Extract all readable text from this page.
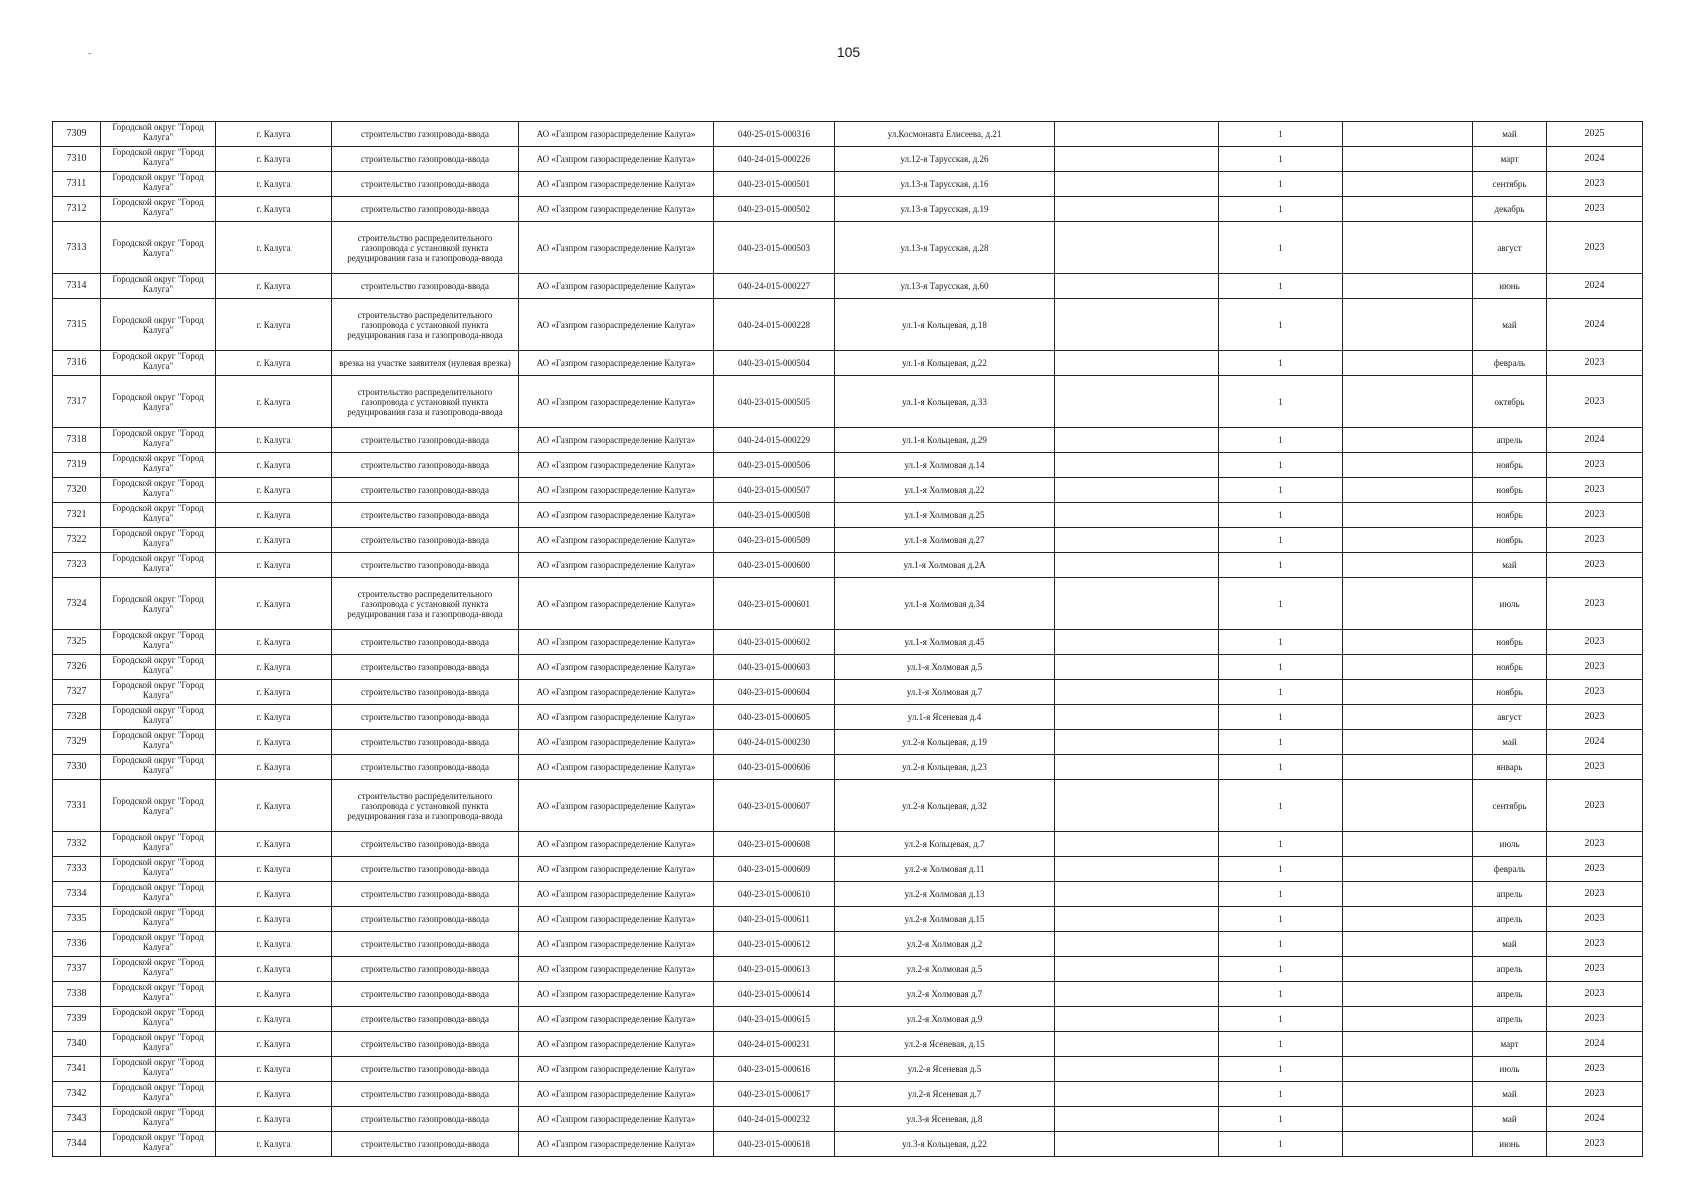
˜	105
7309	Городской округ "Город Калуга"	г. Калуга	строительство газопровода-ввода	АО «Газпром газораспределение Калуга»	040-25-015-000316	ул.Космонавта Елисеева, д.21		1		май	2025
7310	Городской округ "Город Калуга"	г. Калуга	строительство газопровода-ввода	АО «Газпром газораспределение Калуга»	040-24-015-000226	ул.12-я Тарусская, д.26		1		март	2024
7311	Городской округ "Город Калуга"	г. Калуга	строительство газопровода-ввода	АО «Газпром газораспределение Калуга»	040-23-015-000501	ул.13-я Тарусская, д.16		1		сентябрь	2023
7312	Городской округ "Город Калуга"	г. Калуга	строительство газопровода-ввода	АО «Газпром газораспределение Калуга»	040-23-015-000502	ул.13-я Тарусская, д.19		1		декабрь	2023
7313	Городской округ "Город Калуга"	г. Калуга	строительство распределительного газопровода с установкой пункта редуцирования газа и газопровода-ввода	АО «Газпром газораспределение Калуга»	040-23-015-000503	ул.13-я Тарусская, д.28		1		август	2023
7314	Городской округ "Город Калуга"	г. Калуга	строительство газопровода-ввода	АО «Газпром газораспределение Калуга»	040-24-015-000227	ул.13-я Тарусская, д.60		1		июнь	2024
7315	Городской округ "Город Калуга"	г. Калуга	строительство распределительного газопровода с установкой пункта редуцирования газа и газопровода-ввода	АО «Газпром газораспределение Калуга»	040-24-015-000228	ул.1-я Кольцевая, д.18		1		май	2024
7316	Городской округ "Город Калуга"	г. Калуга	врезка на участке заявителя (нулевая врезка)	АО «Газпром газораспределение Калуга»	040-23-015-000504	ул.1-я Кольцевая, д.22		1		февраль	2023
7317	Городской округ "Город Калуга"	г. Калуга	строительство распределительного газопровода с установкой пункта редуцирования газа и газопровода-ввода	АО «Газпром газораспределение Калуга»	040-23-015-000505	ул.1-я Кольцевая, д.33		1		октябрь	2023
7318	Городской округ "Город Калуга"	г. Калуга	строительство газопровода-ввода	АО «Газпром газораспределение Калуга»	040-24-015-000229	ул.1-я Кольцевая, д.29		1		апрель	2024
7319	Городской округ "Город Калуга"	г. Калуга	строительство газопровода-ввода	АО «Газпром газораспределение Калуга»	040-23-015-000506	ул.1-я Холмовая д.14		1		ноябрь	2023
7320	Городской округ "Город Калуга"	г. Калуга	строительство газопровода-ввода	АО «Газпром газораспределение Калуга»	040-23-015-000507	ул.1-я Холмовая д.22		1		ноябрь	2023
7321	Городской округ "Город Калуга"	г. Калуга	строительство газопровода-ввода	АО «Газпром газораспределение Калуга»	040-23-015-000508	ул.1-я Холмовая д.25		1		ноябрь	2023
7322	Городской округ "Город Калуга"	г. Калуга	строительство газопровода-ввода	АО «Газпром газораспределение Калуга»	040-23-015-000509	ул.1-я Холмовая д.27		1		ноябрь	2023
7323	Городской округ "Город Калуга"	г. Калуга	строительство газопровода-ввода	АО «Газпром газораспределение Калуга»	040-23-015-000600	ул.1-я Холмовая д.2А		1		май	2023
7324	Городской округ "Город Калуга"	г. Калуга	строительство распределительного газопровода с установкой пункта редуцирования газа и газопровода-ввода	АО «Газпром газораспределение Калуга»	040-23-015-000601	ул.1-я Холмовая д.34		1		июль	2023
7325	Городской округ "Город Калуга"	г. Калуга	строительство газопровода-ввода	АО «Газпром газораспределение Калуга»	040-23-015-000602	ул.1-я Холмовая д.45		1		ноябрь	2023
7326	Городской округ "Город Калуга"	г. Калуга	строительство газопровода-ввода	АО «Газпром газораспределение Калуга»	040-23-015-000603	ул.1-я Холмовая д.5		1		ноябрь	2023
7327	Городской округ "Город Калуга"	г. Калуга	строительство газопровода-ввода	АО «Газпром газораспределение Калуга»	040-23-015-000604	ул.1-я Холмовая д.7		1		ноябрь	2023
7328	Городской округ "Город Калуга"	г. Калуга	строительство газопровода-ввода	АО «Газпром газораспределение Калуга»	040-23-015-000605	ул.1-я Ясеневая д.4		1		август	2023
7329	Городской округ "Город Калуга"	г. Калуга	строительство газопровода-ввода	АО «Газпром газораспределение Калуга»	040-24-015-000230	ул.2-я Кольцевая, д.19		1		май	2024
7330	Городской округ "Город Калуга"	г. Калуга	строительство газопровода-ввода	АО «Газпром газораспределение Калуга»	040-23-015-000606	ул.2-я Кольцевая, д.23		1		январь	2023
7331	Городской округ "Город Калуга"	г. Калуга	строительство распределительного газопровода с установкой пункта редуцирования газа и газопровода-ввода	АО «Газпром газораспределение Калуга»	040-23-015-000607	ул.2-я Кольцевая, д.32		1		сентябрь	2023
7332	Городской округ "Город Калуга"	г. Калуга	строительство газопровода-ввода	АО «Газпром газораспределение Калуга»	040-23-015-000608	ул.2-я Кольцевая, д.7		1		июль	2023
7333	Городской округ "Город Калуга"	г. Калуга	строительство газопровода-ввода	АО «Газпром газораспределение Калуга»	040-23-015-000609	ул.2-я Холмовая д.11		1		февраль	2023
7334	Городской округ "Город Калуга"	г. Калуга	строительство газопровода-ввода	АО «Газпром газораспределение Калуга»	040-23-015-000610	ул.2-я Холмовая д.13		1		апрель	2023
7335	Городской округ "Город Калуга"	г. Калуга	строительство газопровода-ввода	АО «Газпром газораспределение Калуга»	040-23-015-000611	ул.2-я Холмовая д.15		1		апрель	2023
7336	Городской округ "Город Калуга"	г. Калуга	строительство газопровода-ввода	АО «Газпром газораспределение Калуга»	040-23-015-000612	ул.2-я Холмовая д.2		1		май	2023
7337	Городской округ "Город Калуга"	г. Калуга	строительство газопровода-ввода	АО «Газпром газораспределение Калуга»	040-23-015-000613	ул.2-я Холмовая д.5		1		апрель	2023
7338	Городской округ "Город Калуга"	г. Калуга	строительство газопровода-ввода	АО «Газпром газораспределение Калуга»	040-23-015-000614	ул.2-я Холмовая д.7		1		апрель	2023
7339	Городской округ "Город Калуга"	г. Калуга	строительство газопровода-ввода	АО «Газпром газораспределение Калуга»	040-23-015-000615	ул.2-я Холмовая д.9		1		апрель	2023
7340	Городской округ "Город Калуга"	г. Калуга	строительство газопровода-ввода	АО «Газпром газораспределение Калуга»	040-24-015-000231	ул.2-я Ясеневая, д.15		1		март	2024
7341	Городской округ "Город Калуга"	г. Калуга	строительство газопровода-ввода	АО «Газпром газораспределение Калуга»	040-23-015-000616	ул.2-я Ясеневая д.5		1		июль	2023
7342	Городской округ "Город Калуга"	г. Калуга	строительство газопровода-ввода	АО «Газпром газораспределение Калуга»	040-23-015-000617	ул.2-я Ясеневая д.7		1		май	2023
7343	Городской округ "Город Калуга"	г. Калуга	строительство газопровода-ввода	АО «Газпром газораспределение Калуга»	040-24-015-000232	ул.3-я Ясеневая, д.8		1		май	2024
7344	Городской округ "Город Калуга"	г. Калуга	строительство газопровода-ввода	АО «Газпром газораспределение Калуга»	040-23-015-000618	ул.3-я Кольцевая, д.22		1		июнь	2023
